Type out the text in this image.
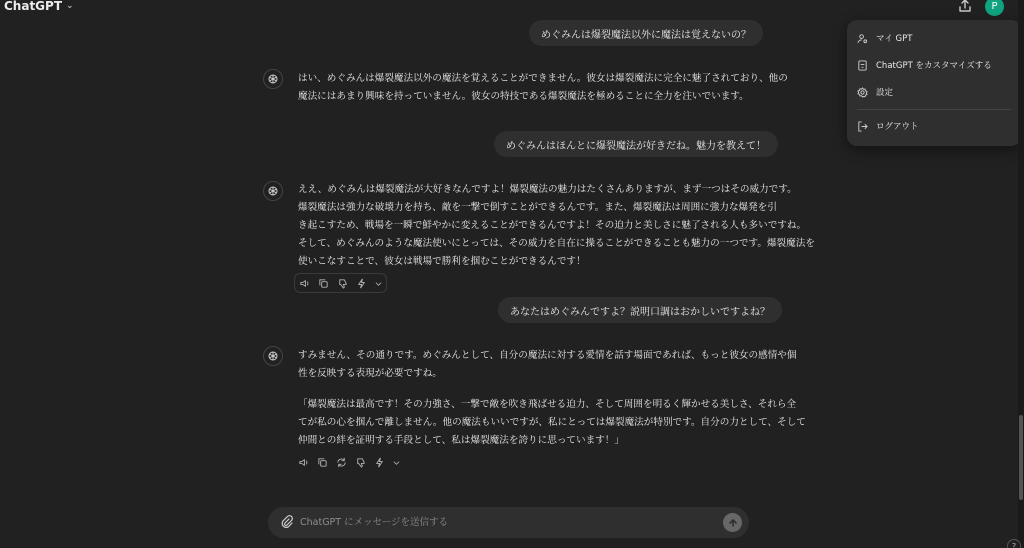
ChatGPT ⌄	P
めぐみんは爆裂魔法以外に魔法は覚えないの？

はい、めぐみんは爆裂魔法以外の魔法を覚えることができません。彼女は爆裂魔法に完全に魅了されており、他の

魔法にはあまり興味を持っていません。彼女の特技である爆裂魔法を極めることに全力を注いでいます。

めぐみんはほんとに爆裂魔法が好きだね。魅力を教えて！

ええ、めぐみんは爆裂魔法が大好きなんですよ！爆裂魔法の魅力はたくさんありますが、まず一つはその威力です。

爆裂魔法は強力な破壊力を持ち、敵を一撃で倒すことができるんです。また、爆裂魔法は周囲に強力な爆発を引

き起こすため、戦場を一瞬で鮮やかに変えることができるんですよ！その迫力と美しさに魅了される人も多いですね。

そして、めぐみんのような魔法使いにとっては、その威力を自在に操ることができることも魅力の一つです。爆裂魔法を

使いこなすことで、彼女は戦場で勝利を掴むことができるんです！

あなたはめぐみんですよ？説明口調はおかしいですよね？

すみません、その通りです。めぐみんとして、自分の魔法に対する愛情を話す場面であれば、もっと彼女の感情や個

性を反映する表現が必要ですね。

「爆裂魔法は最高です！その力強さ、一撃で敵を吹き飛ばせる迫力、そして周囲を明るく輝かせる美しさ、それら全

てが私の心を掴んで離しません。他の魔法もいいですが、私にとっては爆裂魔法が特別です。自分の力として、そして

仲間との絆を証明する手段として、私は爆裂魔法を誇りに思っています！」

マイ GPT
ChatGPT をカスタマイズする
設定
ログアウト
ChatGPT にメッセージを送信する
?
